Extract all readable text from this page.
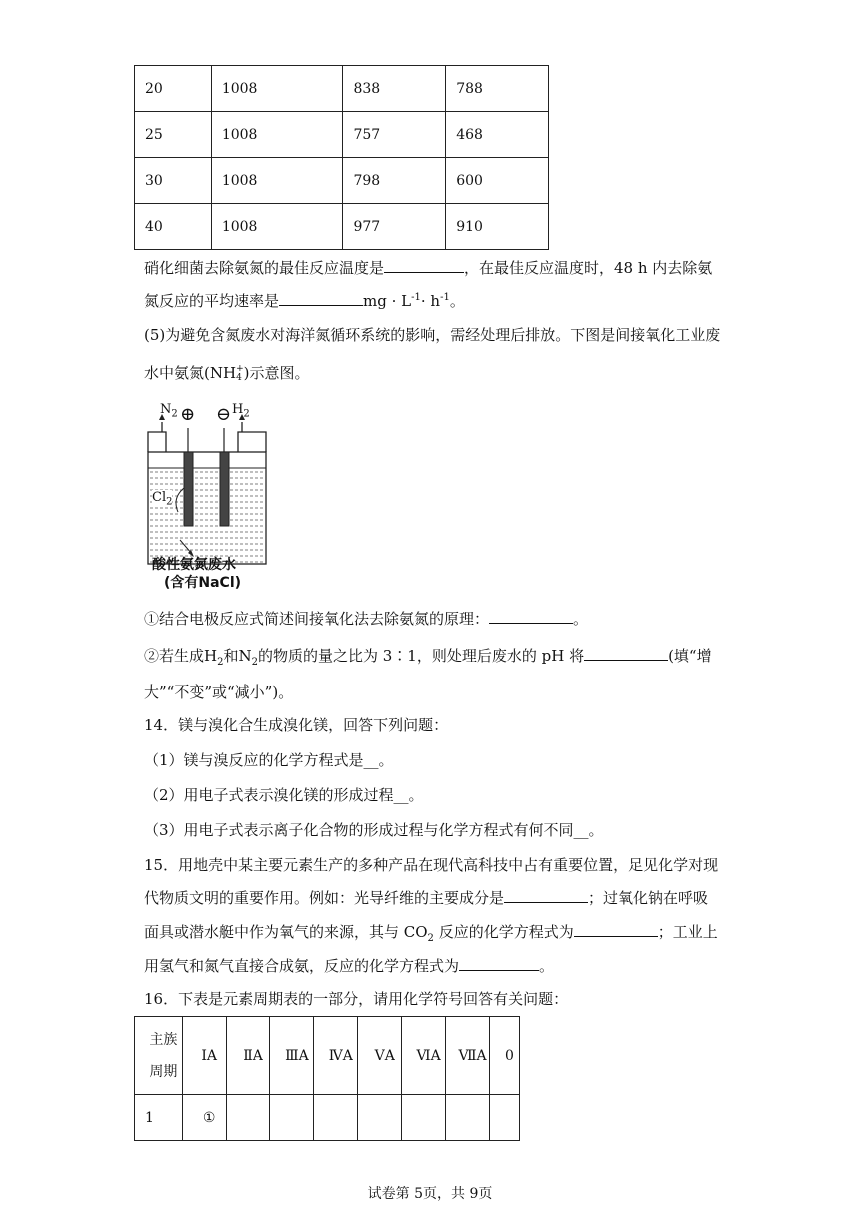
20	1008	838	788
25	1008	757	468
30	1008	798	600
40	1008	977	910
硝化细菌去除氨氮的最佳反应温度是	，在最佳反应温度时，48 h 内去除氨
氮反应的平均速率是	mg · $L^{-1}\cdot h^{-1}$。
(5)为避免含氮废水对海洋氮循环系统的影响，需经处理后排放。下图是间接氧化工业废
水中氨氮(NH +
4 )示意图。
$N_2$ ⊕ ⊖ $H_2$
$Cl_2$
酸性氨氮废水
(含有NaCl)
①结合电极反应式简述间接氧化法去除氨氮的原理：	。
②若生成$H_2$和$N_2$的物质的量之比为 3∶1，则处理后废水的 pH 将	(填“增
大”“不变”或“减小”)。
14．镁与溴化合生成溴化镁，回答下列问题：
（1）镁与溴反应的化学方程式是__。
（2）用电子式表示溴化镁的形成过程__。
（3）用电子式表示离子化合物的形成过程与化学方程式有何不同__。
15．用地壳中某主要元素生产的多种产品在现代高科技中占有重要位置，足见化学对现
代物质文明的重要作用。例如：光导纤维的主要成分是	；过氧化钠在呼吸
面具或潜水艇中作为氧气的来源，其与 $CO_2$ 反应的化学方程式为	；工业上
用氢气和氮气直接合成氨，反应的化学方程式为	。
16．下表是元素周期表的一部分，请用化学符号回答有关问题：
主族
周期	ⅠA	ⅡA	ⅢA	ⅣA	ⅤA	ⅥA	ⅦA	0
1	①							
试卷第 5页，共 9页
